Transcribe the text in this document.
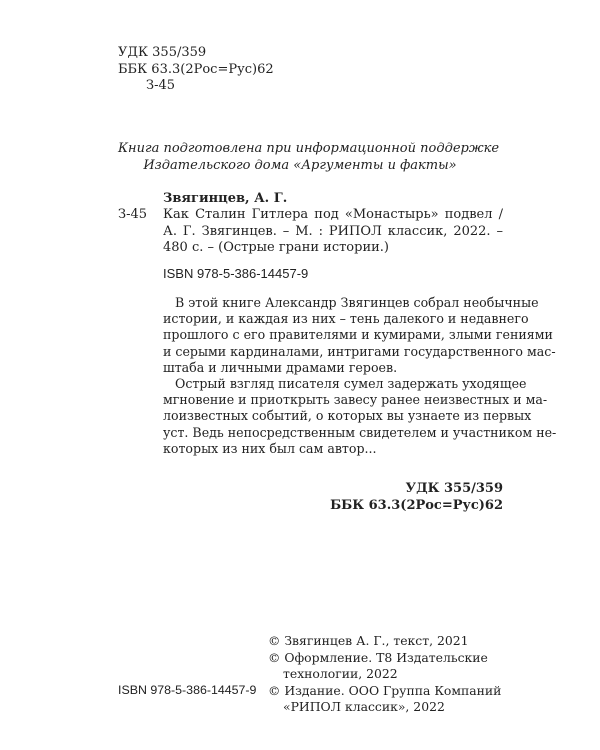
УДК 355/359
ББК 63.3(2Рос=Рус)62
З-45
Книга подготовлена при информационной поддержке
Издательского дома «Аргументы и факты»
Звягинцев, А. Г.
З-45 Как Сталин Гитлера под «Монастырь» подвел /
А. Г. Звягинцев. – М. : РИПОЛ классик, 2022. –
480 с. – (Острые грани истории.)
ISBN 978-5-386-14457-9
В этой книге Александр Звягинцев собрал необычные
истории, и каждая из них – тень далекого и недавнего
прошлого с его правителями и кумирами, злыми гениями
и серыми кардиналами, интригами государственного мас-
штаба и личными драмами героев.
Острый взгляд писателя сумел задержать уходящее
мгновение и приоткрыть завесу ранее неизвестных и ма-
лоизвестных событий, о которых вы узнаете из первых
уст. Ведь непосредственным свидетелем и участником не-
которых из них был сам автор...
УДК 355/359
ББК 63.3(2Рос=Рус)62
© Звягинцев А. Г., текст, 2021
© Оформление. Т8 Издательские
технологии, 2022
© Издание. ООО Группа Компаний
«РИПОЛ классик», 2022
ISBN 978-5-386-14457-9
